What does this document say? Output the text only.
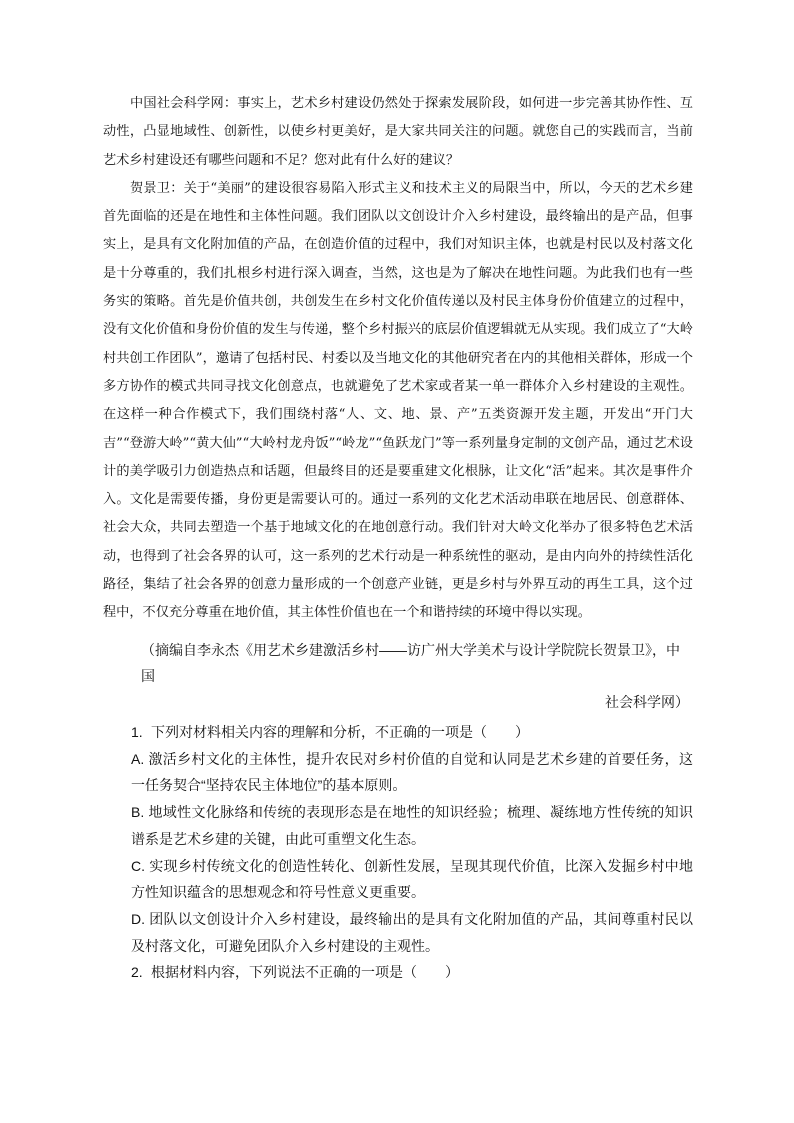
中国社会科学网：事实上，艺术乡村建设仍然处于探索发展阶段，如何进一步完善其协作性、互动性，凸显地域性、创新性，以使乡村更美好，是大家共同关注的问题。就您自己的实践而言，当前艺术乡村建设还有哪些问题和不足？您对此有什么好的建议？

贺景卫：关于“美丽”的建设很容易陷入形式主义和技术主义的局限当中，所以，今天的艺术乡建首先面临的还是在地性和主体性问题。我们团队以文创设计介入乡村建设，最终输出的是产品，但事实上，是具有文化附加值的产品，在创造价值的过程中，我们对知识主体，也就是村民以及村落文化是十分尊重的，我们扎根乡村进行深入调查，当然，这也是为了解决在地性问题。为此我们也有一些务实的策略。首先是价值共创，共创发生在乡村文化价值传递以及村民主体身份价值建立的过程中，没有文化价值和身份价值的发生与传递，整个乡村振兴的底层价值逻辑就无从实现。我们成立了“大岭村共创工作团队”，邀请了包括村民、村委以及当地文化的其他研究者在内的其他相关群体，形成一个多方协作的模式共同寻找文化创意点，也就避免了艺术家或者某一单一群体介入乡村建设的主观性。在这样一种合作模式下，我们围绕村落“人、文、地、景、产”五类资源开发主题，开发出“开门大吉”“登游大岭”“黄大仙”“大岭村龙舟饭”“岭龙”“鱼跃龙门”等一系列量身定制的文创产品，通过艺术设计的美学吸引力创造热点和话题，但最终目的还是要重建文化根脉，让文化“活”起来。其次是事件介入。文化是需要传播，身份更是需要认可的。通过一系列的文化艺术活动串联在地居民、创意群体、社会大众，共同去塑造一个基于地域文化的在地创意行动。我们针对大岭文化举办了很多特色艺术活动，也得到了社会各界的认可，这一系列的艺术行动是一种系统性的驱动，是由内向外的持续性活化路径，集结了社会各界的创意力量形成的一个创意产业链，更是乡村与外界互动的再生工具，这个过程中，不仅充分尊重在地价值，其主体性价值也在一个和谐持续的环境中得以实现。

（摘编自李永杰《用艺术乡建激活乡村——访广州大学美术与设计学院院长贺景卫》，中国
社会科学网）

1. 下列对材料相关内容的理解和分析，不正确的一项是（　　）

A. 激活乡村文化的主体性，提升农民对乡村价值的自觉和认同是艺术乡建的首要任务，这一任务契合“坚持农民主体地位”的基本原则。

B. 地域性文化脉络和传统的表现形态是在地性的知识经验；梳理、凝练地方性传统的知识谱系是艺术乡建的关键，由此可重塑文化生态。

C. 实现乡村传统文化的创造性转化、创新性发展，呈现其现代价值，比深入发掘乡村中地方性知识蕴含的思想观念和符号性意义更重要。

D. 团队以文创设计介入乡村建设，最终输出的是具有文化附加值的产品，其间尊重村民以及村落文化，可避免团队介入乡村建设的主观性。

2. 根据材料内容，下列说法不正确的一项是（　　）
